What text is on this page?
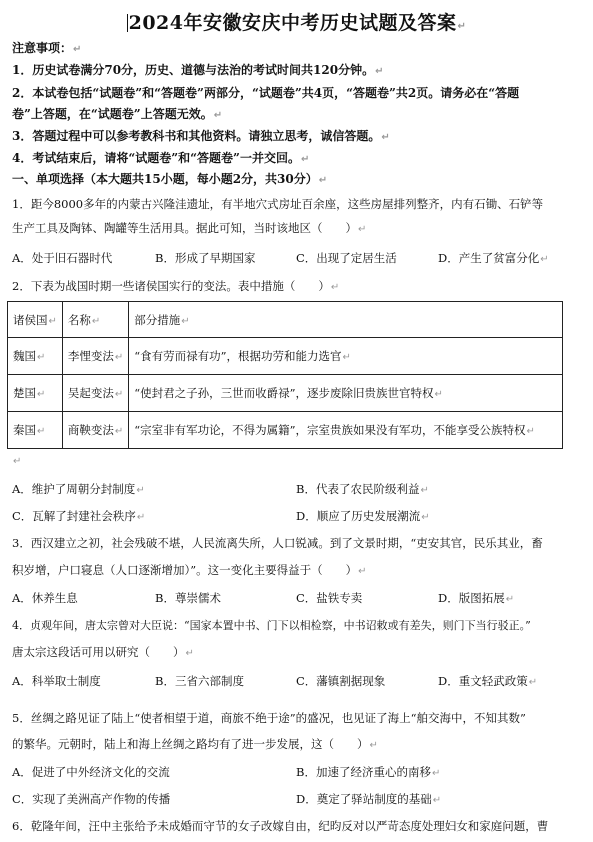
2024年安徽安庆中考历史试题及答案↵
注意事项：↵
1．历史试卷满分70分，历史、道德与法治的考试时间共120分钟。↵
2．本试卷包括“试题卷”和“答题卷”两部分，“试题卷”共4页，“答题卷”共2页。请务必在“答题
卷”上答题，在“试题卷”上答题无效。↵
3．答题过程中可以参考教科书和其他资料。请独立思考，诚信答题。↵
4．考试结束后，请将“试题卷”和“答题卷”一并交回。↵
一、单项选择（本大题共15小题，每小题2分，共30分）↵
1．距今8000多年的内蒙古兴隆洼遗址，有半地穴式房址百余座，这些房屋排列整齐，内有石锄、石铲等
生产工具及陶钵、陶罐等生活用具。据此可知，当时该地区（　　）↵
A．处于旧石器时代	B．形成了早期国家	C．出现了定居生活	D．产生了贫富分化↵
2．下表为战国时期一些诸侯国实行的变法。表中措施（　　）↵
诸侯国↵	名称↵	部分措施↵
魏国↵	李悝变法↵	“食有劳而禄有功”，根据功劳和能力选官↵
楚国↵	吴起变法↵	“使封君之子孙，三世而收爵禄”，逐步废除旧贵族世官特权↵
秦国↵	商鞅变法↵	“宗室非有军功论，不得为属籍”，宗室贵族如果没有军功，不能享受公族特权↵
↵
A．维护了周朝分封制度↵	B．代表了农民阶级利益↵
C．瓦解了封建社会秩序↵	D．顺应了历史发展潮流↵
3．西汉建立之初，社会残破不堪，人民流离失所，人口锐减。到了文景时期，“吏安其官，民乐其业，畜
积岁增，户口寝息（人口逐渐增加）”。这一变化主要得益于（　　）↵
A．休养生息	B．尊崇儒术	C．盐铁专卖	D．版图拓展↵
4．贞观年间，唐太宗曾对大臣说：“国家本置中书、门下以相检察，中书诏敕或有差失，则门下当行驳正。”
唐太宗这段话可用以研究（　　）↵
A．科举取士制度	B．三省六部制度	C．藩镇割据现象	D．重文轻武政策↵
5．丝绸之路见证了陆上“使者相望于道，商旅不绝于途”的盛况，也见证了海上“舶交海中，不知其数”
的繁华。元朝时，陆上和海上丝绸之路均有了进一步发展，这（　　）↵
A．促进了中外经济文化的交流	B．加速了经济重心的南移↵
C．实现了美洲高产作物的传播	D．奠定了驿站制度的基础↵
6．乾隆年间，汪中主张给予未成婚而守节的女子改嫁自由，纪昀反对以严苛态度处理妇女和家庭问题，曹
